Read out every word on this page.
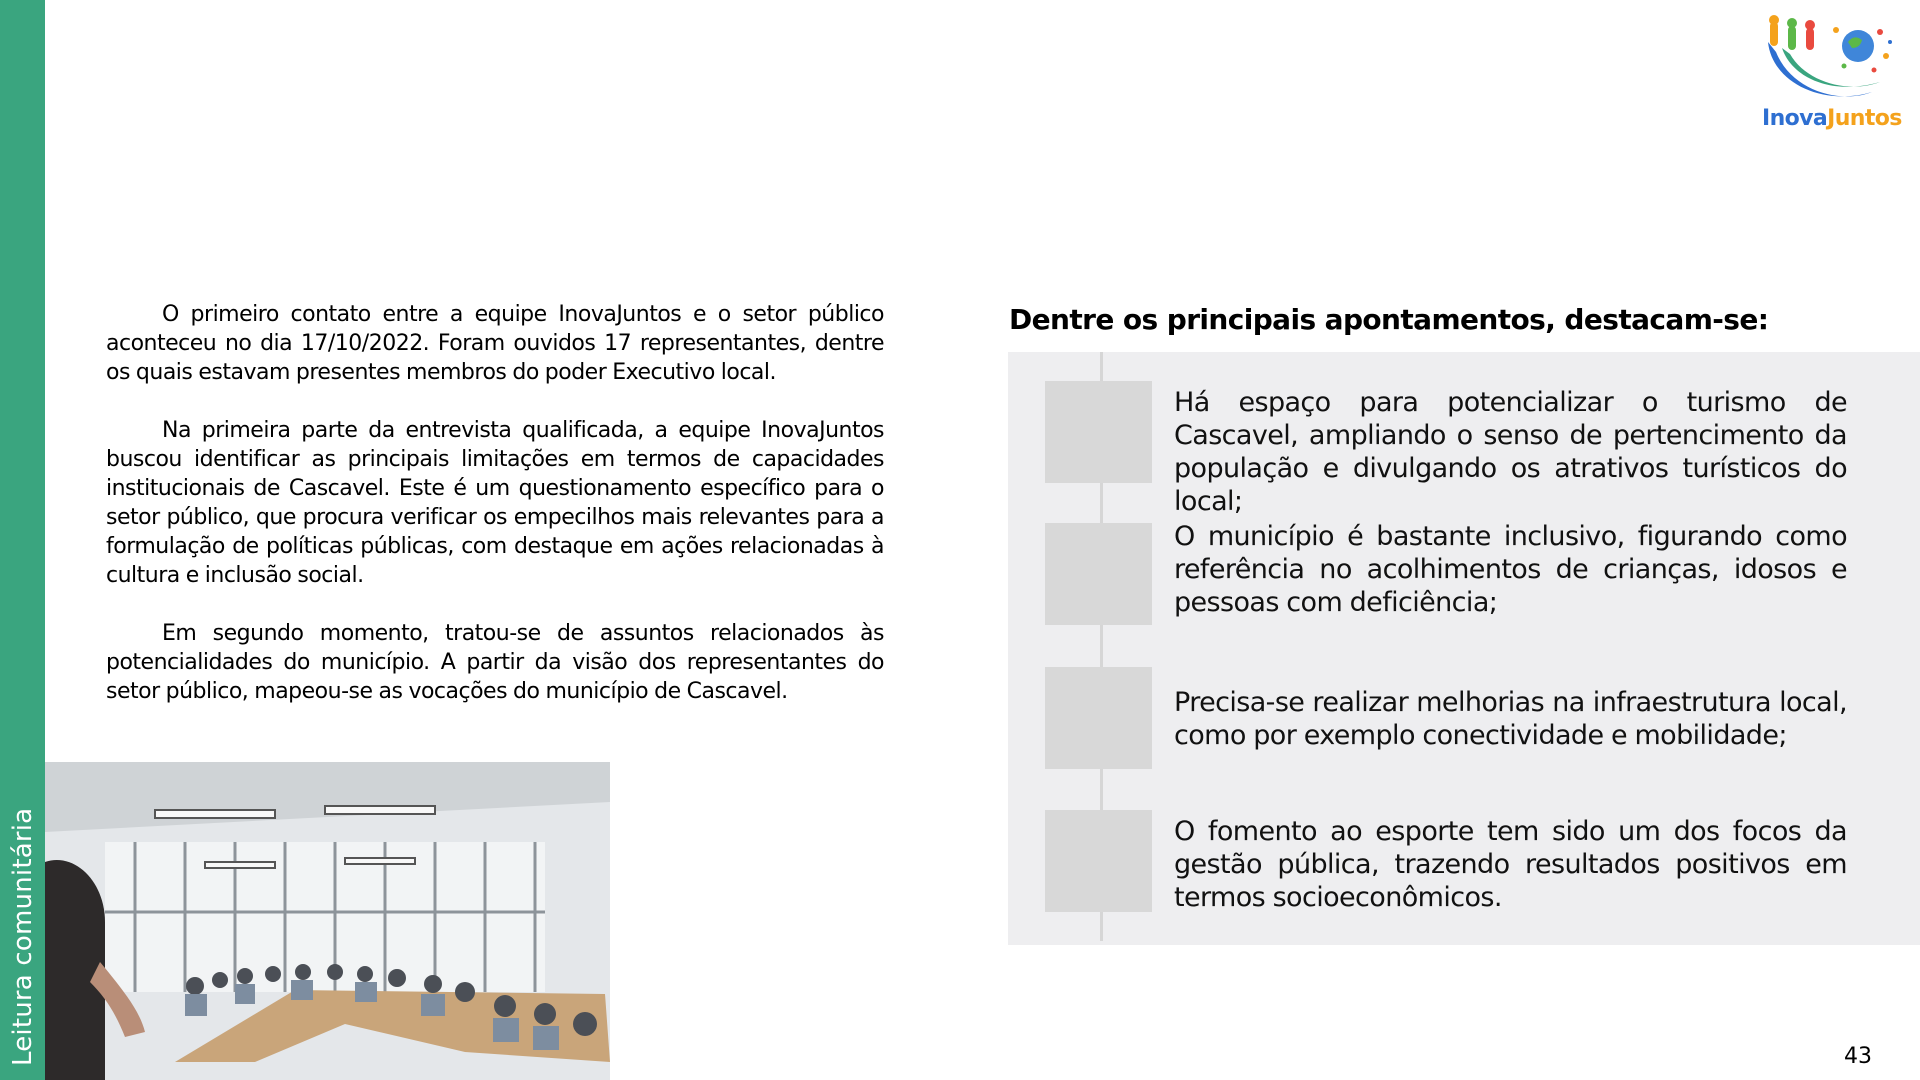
Leitura comunitária
InovaJuntos

O primeiro contato entre a equipe InovaJuntos e o setor público aconteceu no dia 17/10/2022. Foram ouvidos 17 representantes, dentre os quais estavam presentes membros do poder Executivo local.

Na primeira parte da entrevista qualificada, a equipe InovaJuntos buscou identificar as principais limitações em termos de capacidades institucionais de Cascavel. Este é um questionamento específico para o setor público, que procura verificar os empecilhos mais relevantes para a formulação de políticas públicas, com destaque em ações relacionadas à cultura e inclusão social.

Em segundo momento, tratou-se de assuntos relacionados às potencialidades do município. A partir da visão dos representantes do setor público, mapeou-se as vocações do município de Cascavel.

Dentre os principais apontamentos, destacam-se:
Há espaço para potencializar o turismo de Cascavel, ampliando o senso de pertencimento da população e divulgando os atrativos turísticos do local;
O município é bastante inclusivo, figurando como referência no acolhimentos de crianças, idosos e pessoas com deficiência;
Precisa-se realizar melhorias na infraestrutura local, como por exemplo conectividade e mobilidade;
O fomento ao esporte tem sido um dos focos da gestão pública, trazendo resultados positivos em termos socioeconômicos.
43
